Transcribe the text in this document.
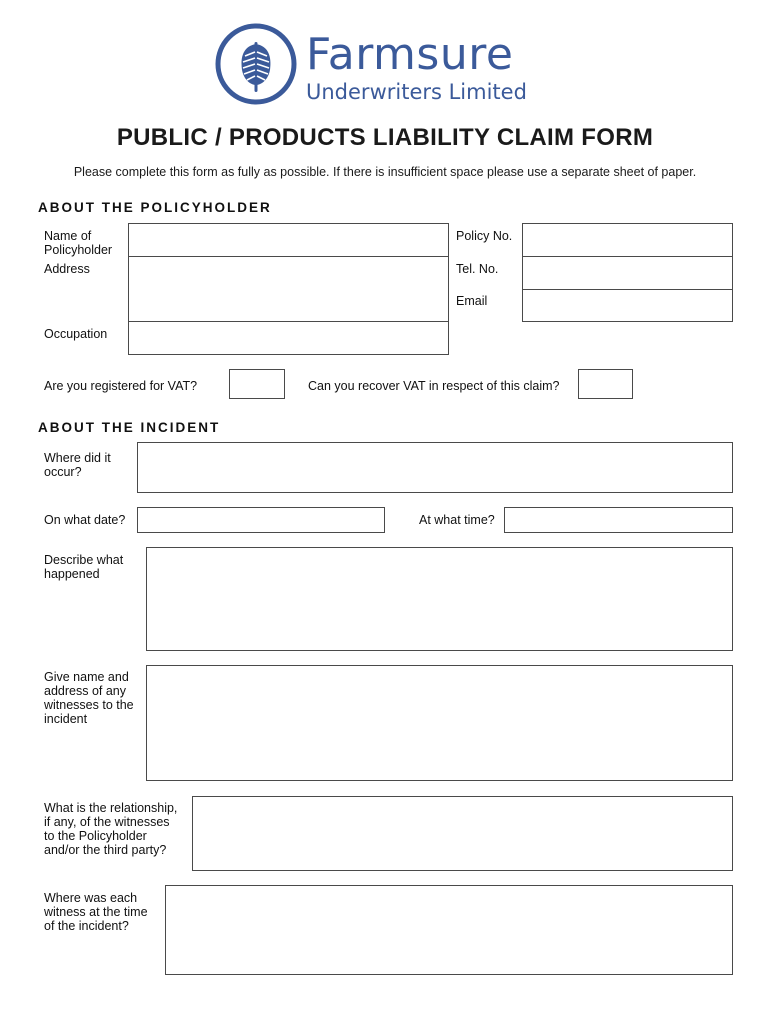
Farmsure
Underwriters Limited
PUBLIC / PRODUCTS LIABILITY CLAIM FORM
Please complete this form as fully as possible. If there is insufficient space please use a separate sheet of paper.
ABOUT THE POLICYHOLDER
Name of
Policyholder
Address
Occupation
Policy No.
Tel. No.
Email
Are you registered for VAT?	Can you recover VAT in respect of this claim?
ABOUT THE INCIDENT
Where did it
occur?
On what date?	At what time?
Describe what
happened
Give name and
address of any
witnesses to the
incident
What is the relationship,
if any, of the witnesses
to the Policyholder
and/or the third party?
Where was each
witness at the time
of the incident?
